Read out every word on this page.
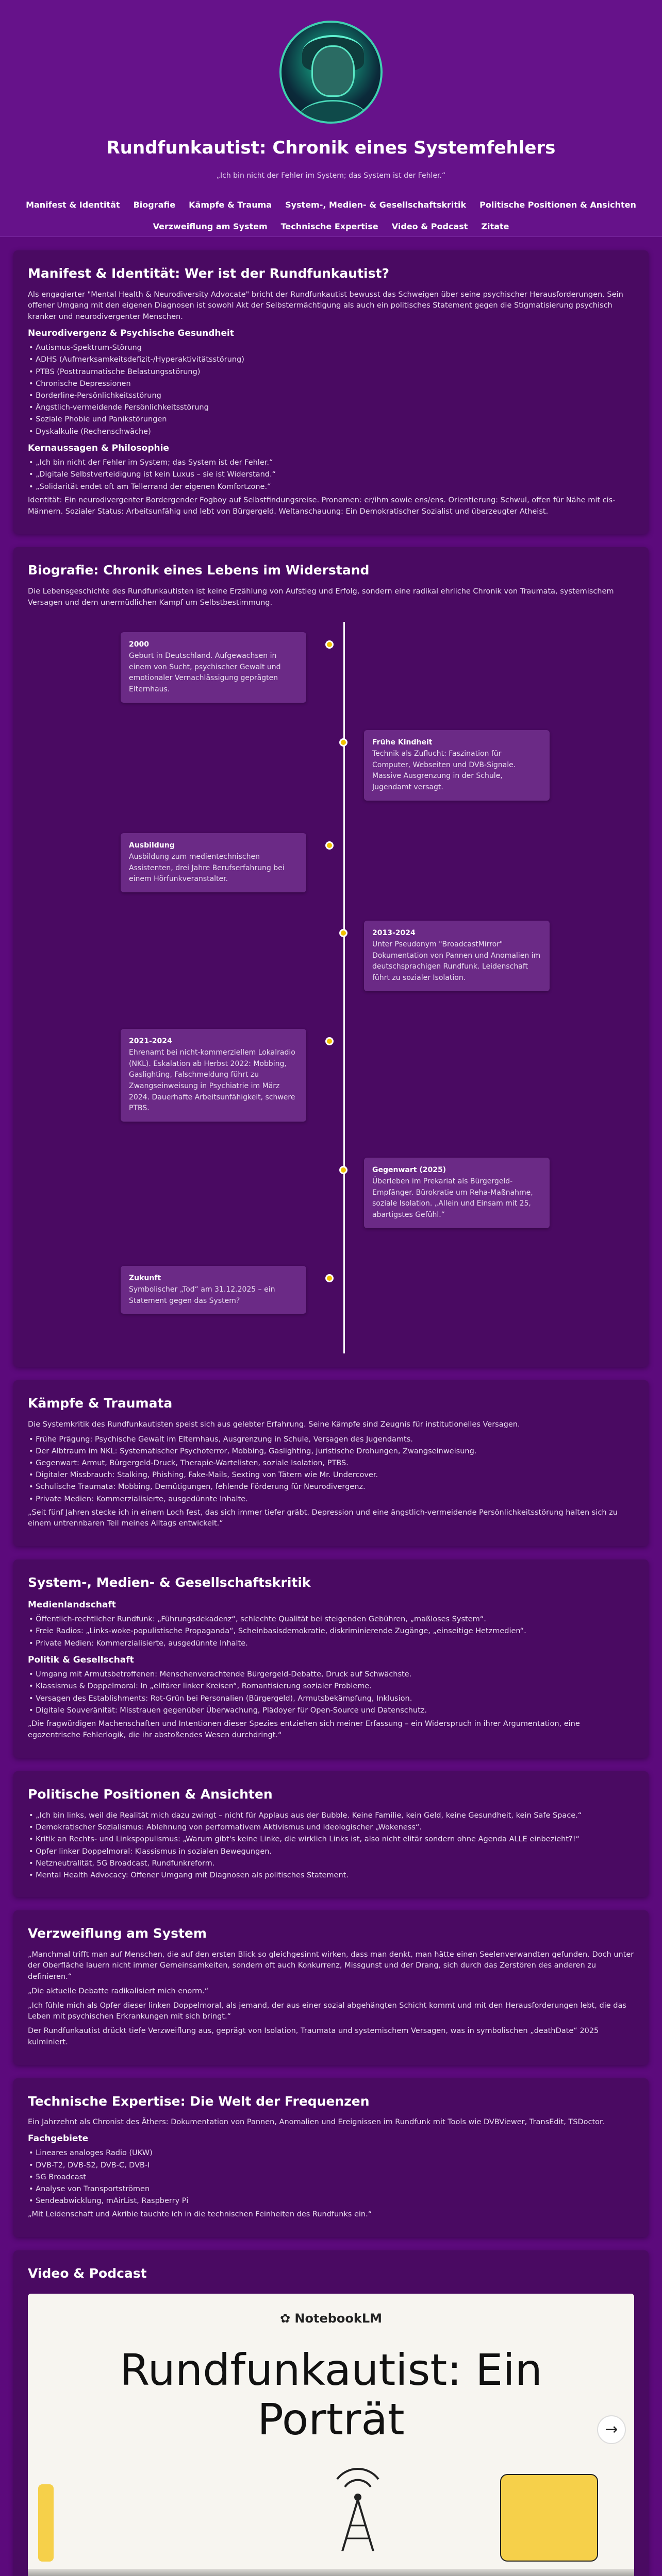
Rundfunkautist: Chronik eines Systemfehlers

„Ich bin nicht der Fehler im System; das System ist der Fehler.“

Manifest & Identität Biografie Kämpfe & Trauma System-, Medien- & Gesellschaftskritik Politische Positionen & Ansichten
Verzweiflung am System Technische Expertise Video & Podcast Zitate
Manifest & Identität: Wer ist der Rundfunkautist?

Als engagierter "Mental Health & Neurodiversity Advocate" bricht der Rundfunkautist bewusst das Schweigen über seine psychischer Herausforderungen. Sein offener Umgang mit den eigenen Diagnosen ist sowohl Akt der Selbstermächtigung als auch ein politisches Statement gegen die Stigmatisierung psychisch kranker und neurodivergenter Menschen.

Neurodivergenz & Psychische Gesundheit
• Autismus-Spektrum-Störung
• ADHS (Aufmerksamkeitsdefizit-/Hyperaktivitätsstörung)
• PTBS (Posttraumatische Belastungsstörung)
• Chronische Depressionen
• Borderline-Persönlichkeitsstörung
• Ängstlich-vermeidende Persönlichkeitsstörung
• Soziale Phobie und Panikstörungen
• Dyskalkulie (Rechenschwäche)
Kernaussagen & Philosophie
• „Ich bin nicht der Fehler im System; das System ist der Fehler.“
• „Digitale Selbstverteidigung ist kein Luxus – sie ist Widerstand.“
• „Solidarität endet oft am Tellerrand der eigenen Komfortzone.“

Identität: Ein neurodivergenter Bordergender Fogboy auf Selbstfindungsreise. Pronomen: er/ihm sowie ens/ens. Orientierung: Schwul, offen für Nähe mit cis-Männern. Sozialer Status: Arbeitsunfähig und lebt von Bürgergeld. Weltanschauung: Ein Demokratischer Sozialist und überzeugter Atheist.

Biografie: Chronik eines Lebens im Widerstand

Die Lebensgeschichte des Rundfunkautisten ist keine Erzählung von Aufstieg und Erfolg, sondern eine radikal ehrliche Chronik von Traumata, systemischem Versagen und dem unermüdlichen Kampf um Selbstbestimmung.

2000
Geburt in Deutschland. Aufgewachsen in einem von Sucht, psychischer Gewalt und emotionaler Vernachlässigung geprägten Elternhaus.
Frühe Kindheit
Technik als Zuflucht: Faszination für Computer, Webseiten und DVB-Signale. Massive Ausgrenzung in der Schule, Jugendamt versagt.
Ausbildung
Ausbildung zum medientechnischen Assistenten, drei Jahre Berufserfahrung bei einem Hörfunkveranstalter.
2013-2024
Unter Pseudonym "BroadcastMirror" Dokumentation von Pannen und Anomalien im deutschsprachigen Rundfunk. Leidenschaft führt zu sozialer Isolation.
2021-2024
Ehrenamt bei nicht-kommerziellem Lokalradio (NKL). Eskalation ab Herbst 2022: Mobbing, Gaslighting, Falschmeldung führt zu Zwangseinweisung in Psychiatrie im März 2024. Dauerhafte Arbeitsunfähigkeit, schwere PTBS.
Gegenwart (2025)
Überleben im Prekariat als Bürgergeld-Empfänger. Bürokratie um Reha-Maßnahme, soziale Isolation. „Allein und Einsam mit 25, abartigstes Gefühl.“
Zukunft
Symbolischer „Tod“ am 31.12.2025 – ein Statement gegen das System?
Kämpfe & Traumata

Die Systemkritik des Rundfunkautisten speist sich aus gelebter Erfahrung. Seine Kämpfe sind Zeugnis für institutionelles Versagen.

• Frühe Prägung: Psychische Gewalt im Elternhaus, Ausgrenzung in Schule, Versagen des Jugendamts.
• Der Albtraum im NKL: Systematischer Psychoterror, Mobbing, Gaslighting, juristische Drohungen, Zwangseinweisung.
• Gegenwart: Armut, Bürgergeld-Druck, Therapie-Wartelisten, soziale Isolation, PTBS.
• Digitaler Missbrauch: Stalking, Phishing, Fake-Mails, Sexting von Tätern wie Mr. Undercover.
• Schulische Traumata: Mobbing, Demütigungen, fehlende Förderung für Neurodivergenz.
• Private Medien: Kommerzialisierte, ausgedünnte Inhalte.

„Seit fünf Jahren stecke ich in einem Loch fest, das sich immer tiefer gräbt. Depression und eine ängstlich-vermeidende Persönlichkeitsstörung halten sich zu einem untrennbaren Teil meines Alltags entwickelt.“

System-, Medien- & Gesellschaftskritik
Medienlandschaft
• Öffentlich-rechtlicher Rundfunk: „Führungsdekadenz“, schlechte Qualität bei steigenden Gebühren, „maßloses System“.
• Freie Radios: „Links-woke-populistische Propaganda“, Scheinbasisdemokratie, diskriminierende Zugänge, „einseitige Hetzmedien“.
• Private Medien: Kommerzialisierte, ausgedünnte Inhalte.
Politik & Gesellschaft
• Umgang mit Armutsbetroffenen: Menschenverachtende Bürgergeld-Debatte, Druck auf Schwächste.
• Klassismus & Doppelmoral: In „elitärer linker Kreisen“, Romantisierung sozialer Probleme.
• Versagen des Establishments: Rot-Grün bei Personalien (Bürgergeld), Armutsbekämpfung, Inklusion.
• Digitale Souveränität: Misstrauen gegenüber Überwachung, Plädoyer für Open-Source und Datenschutz.

„Die fragwürdigen Machenschaften und Intentionen dieser Spezies entziehen sich meiner Erfassung – ein Widerspruch in ihrer Argumentation, eine egozentrische Fehlerlogik, die ihr abstoßendes Wesen durchdringt.“

Politische Positionen & Ansichten
• „Ich bin links, weil die Realität mich dazu zwingt – nicht für Applaus aus der Bubble. Keine Familie, kein Geld, keine Gesundheit, kein Safe Space.“
• Demokratischer Sozialismus: Ablehnung von performativem Aktivismus und ideologischer „Wokeness“.
• Kritik an Rechts- und Linkspopulismus: „Warum gibt's keine Linke, die wirklich Links ist, also nicht elitär sondern ohne Agenda ALLE einbezieht?!“
• Opfer linker Doppelmoral: Klassismus in sozialen Bewegungen.
• Netzneutralität, 5G Broadcast, Rundfunkreform.
• Mental Health Advocacy: Offener Umgang mit Diagnosen als politisches Statement.
Verzweiflung am System

„Manchmal trifft man auf Menschen, die auf den ersten Blick so gleichgesinnt wirken, dass man denkt, man hätte einen Seelenverwandten gefunden. Doch unter der Oberfläche lauern nicht immer Gemeinsamkeiten, sondern oft auch Konkurrenz, Missgunst und der Drang, sich durch das Zerstören des anderen zu definieren.“

„Die aktuelle Debatte radikalisiert mich enorm.“

„Ich fühle mich als Opfer dieser linken Doppelmoral, als jemand, der aus einer sozial abgehängten Schicht kommt und mit den Herausforderungen lebt, die das Leben mit psychischen Erkrankungen mit sich bringt.“

Der Rundfunkautist drückt tiefe Verzweiflung aus, geprägt von Isolation, Traumata und systemischem Versagen, was in symbolischen „deathDate“ 2025 kulminiert.

Technische Expertise: Die Welt der Frequenzen

Ein Jahrzehnt als Chronist des Äthers: Dokumentation von Pannen, Anomalien und Ereignissen im Rundfunk mit Tools wie DVBViewer, TransEdit, TSDoctor.

Fachgebiete
• Lineares analoges Radio (UKW)
• DVB-T2, DVB-S2, DVB-C, DVB-I
• 5G Broadcast
• Analyse von Transportströmen
• Sendeabwicklung, mAirList, Raspberry Pi

„Mit Leidenschaft und Akribie tauchte ich in die technischen Feinheiten des Rundfunks ein.“

Video & Podcast
✿ NotebookLM
Rundfunkautist: Ein
Porträt	→
